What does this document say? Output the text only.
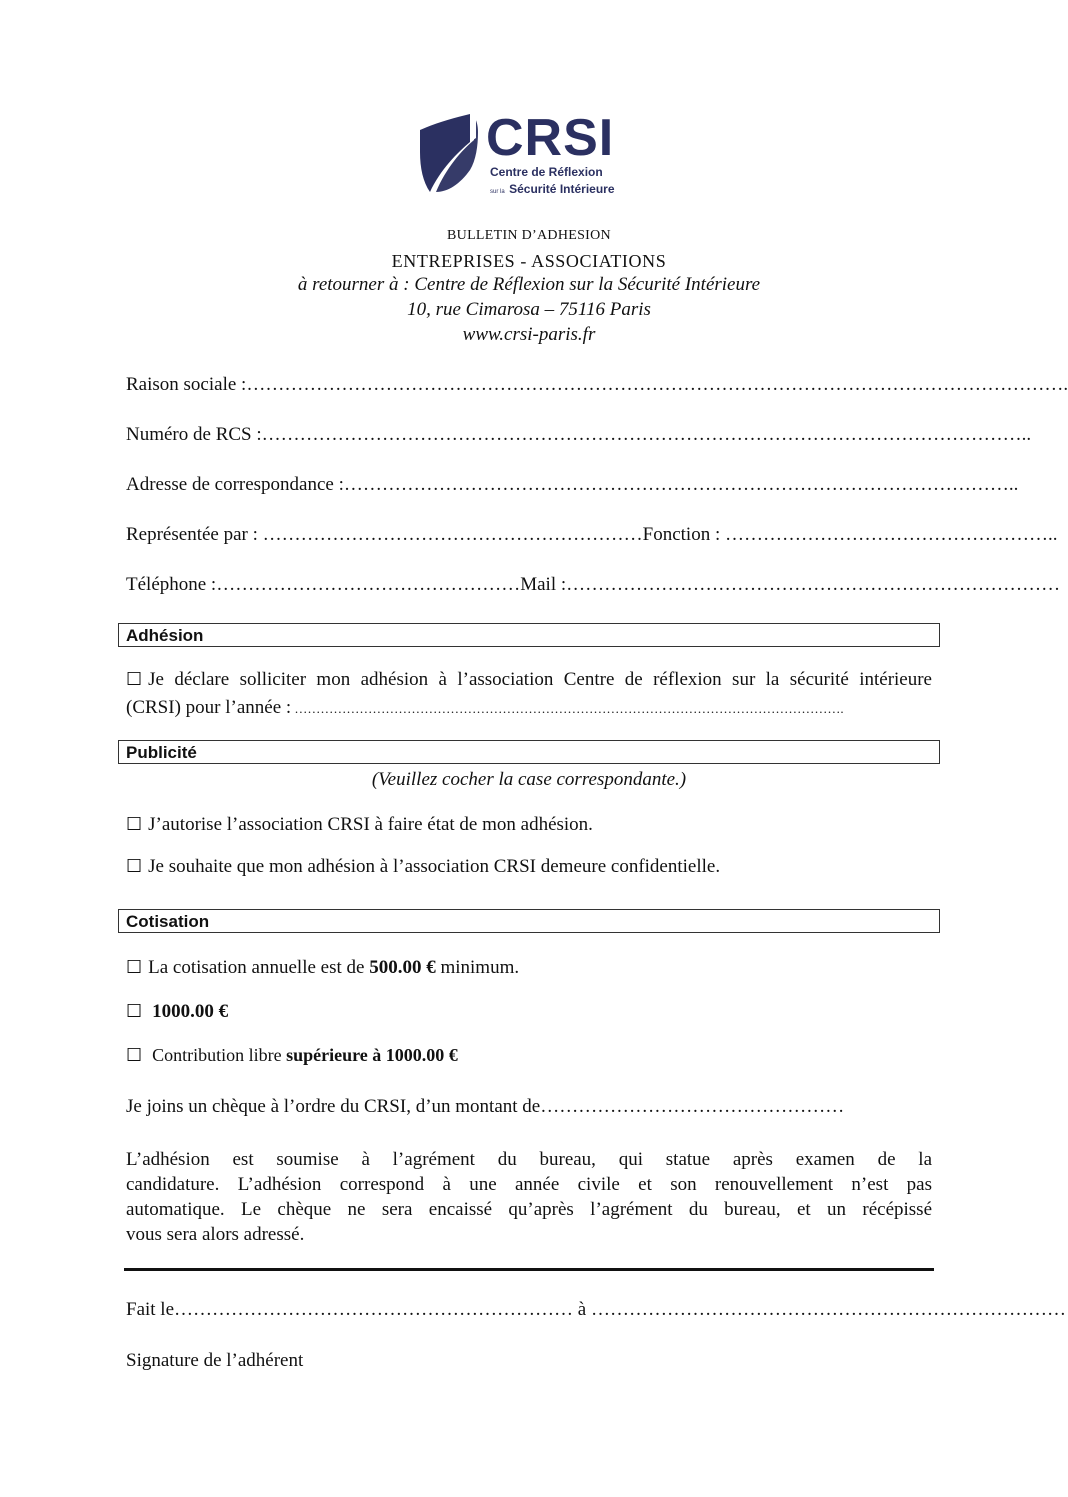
CRSI
Centre de Réflexion
sur la Sécurité Intérieure
BULLETIN D’ADHESION
ENTREPRISES - ASSOCIATIONS
à retourner à : Centre de Réflexion sur la Sécurité Intérieure
10, rue Cimarosa – 75116 Paris
www.crsi-paris.fr
Raison sociale :………………………………………………………………………………………………………………….
Numéro de RCS :…………………………………………………………………………………………………………..
Adresse de correspondance :……………………………………………………………………………………………..
Représentée par : ……………………………………………………Fonction : ……………………………………………..
Téléphone :…………………………………………Mail :……………………………………………………………………
Adhésion
☐ Je déclare solliciter mon adhésion à l’association Centre de réflexion sur la sécurité intérieure
(CRSI) pour l’année : ……………………………………………………………………………………………………………….
Publicité
(Veuillez cocher la case correspondante.)
☐ J’autorise l’association CRSI à faire état de mon adhésion.
☐ Je souhaite que mon adhésion à l’association CRSI demeure confidentielle.
Cotisation
☐ La cotisation annuelle est de 500.00 € minimum.
☐ 1000.00 €
☐ Contribution libre supérieure à 1000.00 €
Je joins un chèque à l’ordre du CRSI, d’un montant de…………………………………………
L’adhésion est soumise à l’agrément du bureau, qui statue après examen de la
candidature. L’adhésion correspond à une année civile et son renouvellement n’est pas
automatique. Le chèque ne sera encaissé qu’après l’agrément du bureau, et un récépissé
vous sera alors adressé.
Fait le……………………………………………………… à …………………………………………………………………
Signature de l’adhérent
